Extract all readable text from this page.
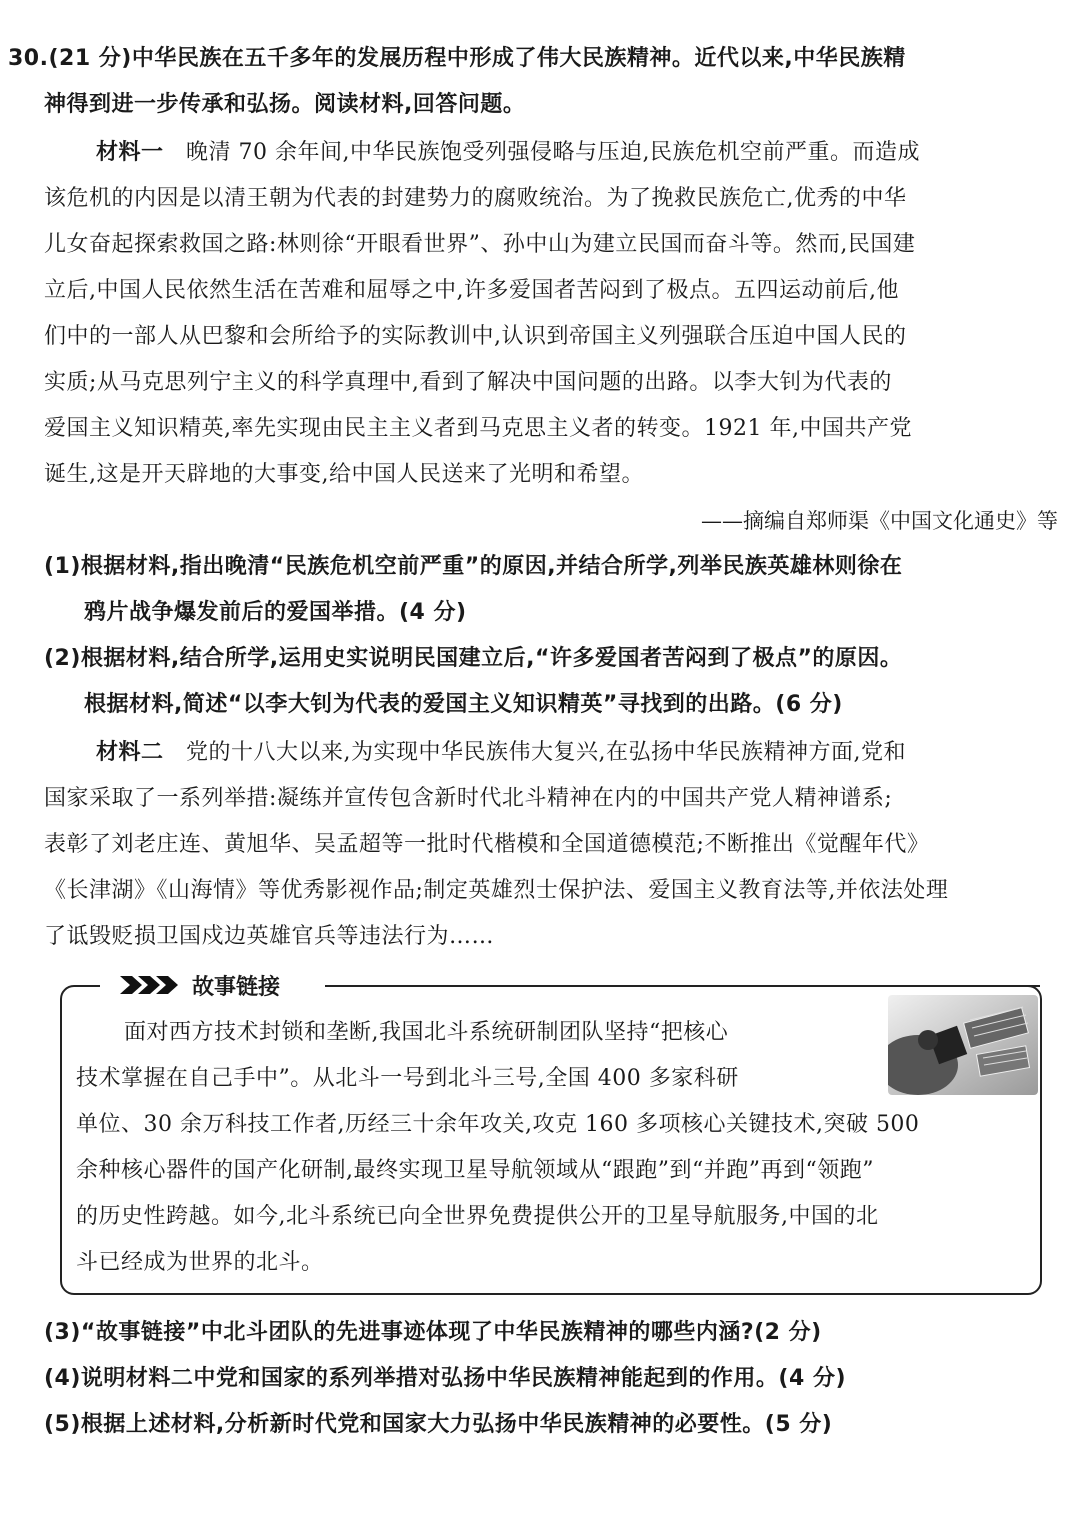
30.(21 分)中华民族在五千多年的发展历程中形成了伟大民族精神。近代以来,中华民族精
神得到进一步传承和弘扬。阅读材料,回答问题。
材料一 晚清 70 余年间,中华民族饱受列强侵略与压迫,民族危机空前严重。而造成
该危机的内因是以清王朝为代表的封建势力的腐败统治。为了挽救民族危亡,优秀的中华
儿女奋起探索救国之路:林则徐“开眼看世界”、孙中山为建立民国而奋斗等。然而,民国建
立后,中国人民依然生活在苦难和屈辱之中,许多爱国者苦闷到了极点。五四运动前后,他
们中的一部人从巴黎和会所给予的实际教训中,认识到帝国主义列强联合压迫中国人民的
实质;从马克思列宁主义的科学真理中,看到了解决中国问题的出路。以李大钊为代表的
爱国主义知识精英,率先实现由民主主义者到马克思主义者的转变。1921 年,中国共产党
诞生,这是开天辟地的大事变,给中国人民送来了光明和希望。
——摘编自郑师渠《中国文化通史》等
(1)根据材料,指出晚清“民族危机空前严重”的原因,并结合所学,列举民族英雄林则徐在
鸦片战争爆发前后的爱国举措。(4 分)
(2)根据材料,结合所学,运用史实说明民国建立后,“许多爱国者苦闷到了极点”的原因。
根据材料,简述“以李大钊为代表的爱国主义知识精英”寻找到的出路。(6 分)
材料二 党的十八大以来,为实现中华民族伟大复兴,在弘扬中华民族精神方面,党和
国家采取了一系列举措:凝练并宣传包含新时代北斗精神在内的中国共产党人精神谱系;
表彰了刘老庄连、黄旭华、吴孟超等一批时代楷模和全国道德模范;不断推出《觉醒年代》
《长津湖》《山海情》等优秀影视作品;制定英雄烈士保护法、爱国主义教育法等,并依法处理
了诋毁贬损卫国戍边英雄官兵等违法行为……
故事链接
面对西方技术封锁和垄断,我国北斗系统研制团队坚持“把核心
技术掌握在自己手中”。从北斗一号到北斗三号,全国 400 多家科研
单位、30 余万科技工作者,历经三十余年攻关,攻克 160 多项核心关键技术,突破 500
余种核心器件的国产化研制,最终实现卫星导航领域从“跟跑”到“并跑”再到“领跑”
的历史性跨越。如今,北斗系统已向全世界免费提供公开的卫星导航服务,中国的北
斗已经成为世界的北斗。
(3)“故事链接”中北斗团队的先进事迹体现了中华民族精神的哪些内涵?(2 分)
(4)说明材料二中党和国家的系列举措对弘扬中华民族精神能起到的作用。(4 分)
(5)根据上述材料,分析新时代党和国家大力弘扬中华民族精神的必要性。(5 分)
